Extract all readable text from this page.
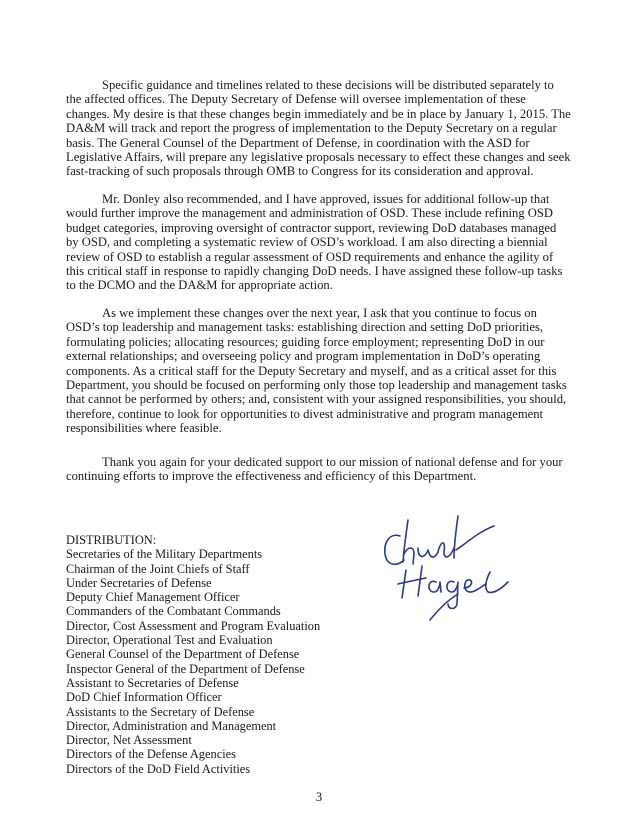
Specific guidance and timelines related to these decisions will be distributed separately to the affected offices. The Deputy Secretary of Defense will oversee implementation of these changes. My desire is that these changes begin immediately and be in place by January 1, 2015. The DA&M will track and report the progress of implementation to the Deputy Secretary on a regular basis. The General Counsel of the Department of Defense, in coordination with the ASD for Legislative Affairs, will prepare any legislative proposals necessary to effect these changes and seek fast-tracking of such proposals through OMB to Congress for its consideration and approval.

Mr. Donley also recommended, and I have approved, issues for additional follow-up that would further improve the management and administration of OSD. These include refining OSD budget categories, improving oversight of contractor support, reviewing DoD databases managed by OSD, and completing a systematic review of OSD’s workload. I am also directing a biennial review of OSD to establish a regular assessment of OSD requirements and enhance the agility of this critical staff in response to rapidly changing DoD needs. I have assigned these follow-up tasks to the DCMO and the DA&M for appropriate action.

As we implement these changes over the next year, I ask that you continue to focus on OSD’s top leadership and management tasks: establishing direction and setting DoD priorities, formulating policies; allocating resources; guiding force employment; representing DoD in our external relationships; and overseeing policy and program implementation in DoD’s operating components. As a critical staff for the Deputy Secretary and myself, and as a critical asset for this Department, you should be focused on performing only those top leadership and management tasks that cannot be performed by others; and, consistent with your assigned responsibilities, you should, therefore, continue to look for opportunities to divest administrative and program management responsibilities where feasible.

Thank you again for your dedicated support to our mission of national defense and for your continuing efforts to improve the effectiveness and efficiency of this Department.

DISTRIBUTION:
Secretaries of the Military Departments
Chairman of the Joint Chiefs of Staff
Under Secretaries of Defense
Deputy Chief Management Officer
Commanders of the Combatant Commands
Director, Cost Assessment and Program Evaluation
Director, Operational Test and Evaluation
General Counsel of the Department of Defense
Inspector General of the Department of Defense
Assistant to Secretaries of Defense
DoD Chief Information Officer
Assistants to the Secretary of Defense
Director, Administration and Management
Director, Net Assessment
Directors of the Defense Agencies
Directors of the DoD Field Activities
3
